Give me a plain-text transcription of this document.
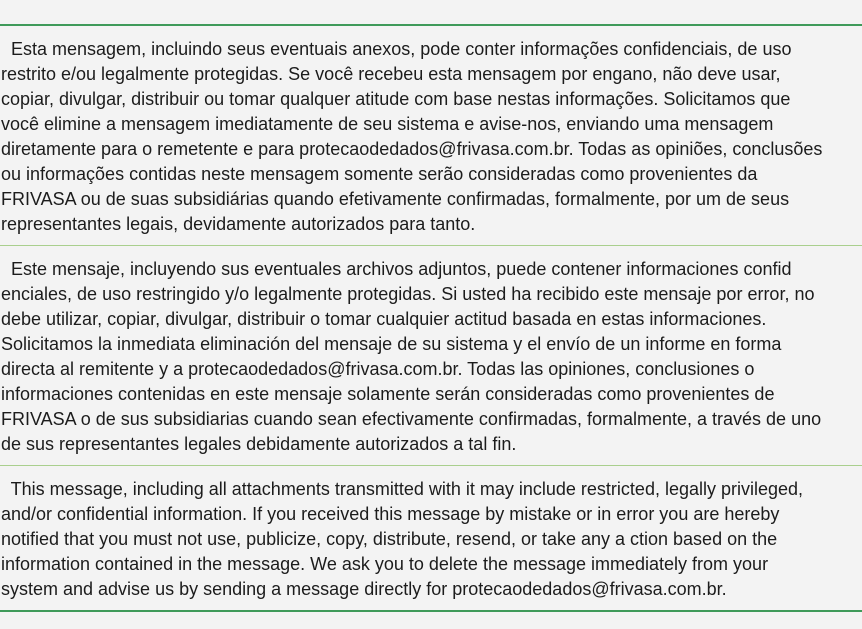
Esta mensagem, incluindo seus eventuais anexos, pode conter informações confidenciais, de uso
restrito e/ou legalmente protegidas. Se você recebeu esta mensagem por engano, não deve usar,
copiar, divulgar, distribuir ou tomar qualquer atitude com base nestas informações. Solicitamos que
você elimine a mensagem imediatamente de seu sistema e avise-nos, enviando uma mensagem
diretamente para o remetente e para protecaodedados@frivasa.com.br. Todas as opiniões, conclusões
ou informações contidas neste mensagem somente serão consideradas como provenientes da
FRIVASA ou de suas subsidiárias quando efetivamente confirmadas, formalmente, por um de seus
representantes legais, devidamente autorizados para tanto.

Este mensaje, incluyendo sus eventuales archivos adjuntos, puede contener informaciones confid
enciales, de uso restringido y/o legalmente protegidas. Si usted ha recibido este mensaje por error, no
debe utilizar, copiar, divulgar, distribuir o tomar cualquier actitud basada en estas informaciones.
Solicitamos la inmediata eliminación del mensaje de su sistema y el envío de un informe en forma
directa al remitente y a protecaodedados@frivasa.com.br. Todas las opiniones, conclusiones o
informaciones contenidas en este mensaje solamente serán consideradas como provenientes de
FRIVASA o de sus subsidiarias cuando sean efectivamente confirmadas, formalmente, a través de uno
de sus representantes legales debidamente autorizados a tal fin.

This message, including all attachments transmitted with it may include restricted, legally privileged,
and/or confidential information. If you received this message by mistake or in error you are hereby
notified that you must not use, publicize, copy, distribute, resend, or take any a ction based on the
information contained in the message. We ask you to delete the message immediately from your
system and advise us by sending a message directly for protecaodedados@frivasa.com.br.
